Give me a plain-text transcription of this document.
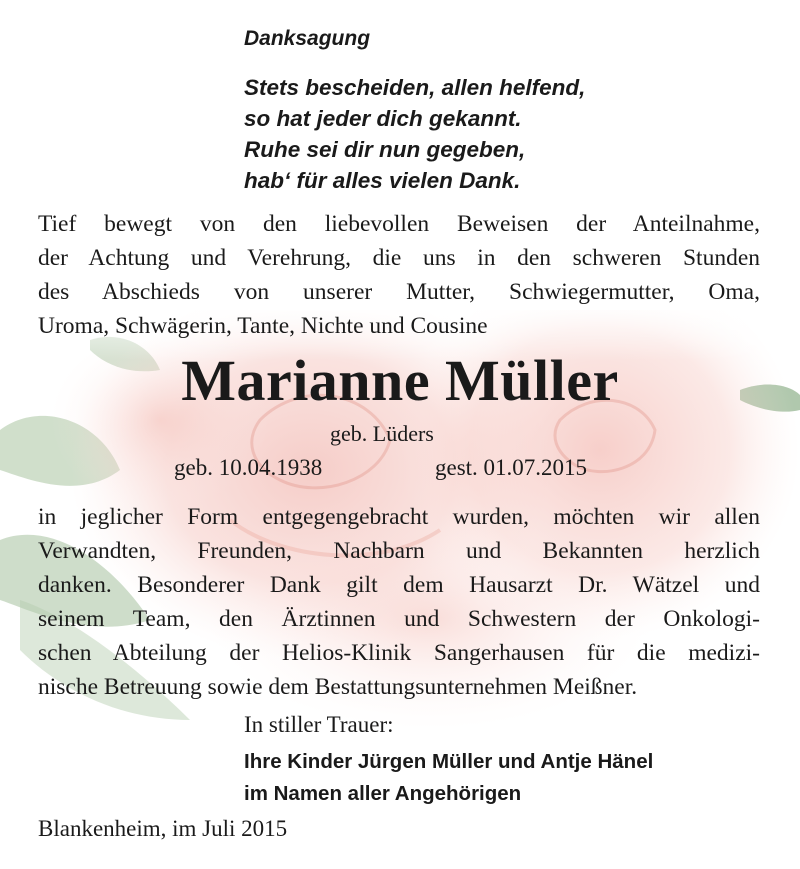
Danksagung
Stets bescheiden, allen helfend,
so hat jeder dich gekannt.
Ruhe sei dir nun gegeben,
hab‘ für alles vielen Dank.
Tief bewegt von den liebevollen Beweisen der Anteilnahme,
der Achtung und Verehrung, die uns in den schweren Stunden
des Abschieds von unserer Mutter, Schwiegermutter, Oma,
Uroma, Schwägerin, Tante, Nichte und Cousine
Marianne Müller

geb. Lüders

geb. 10.04.1938	gest. 01.07.2015

in jeglicher Form entgegengebracht wurden, möchten wir allen
Verwandten, Freunden, Nachbarn und Bekannten herzlich
danken. Besonderer Dank gilt dem Hausarzt Dr. Wätzel und
seinem Team, den Ärztinnen und Schwestern der Onkologi-
schen Abteilung der Helios-Klinik Sangerhausen für die medizi-
nische Betreuung sowie dem Bestattungsunternehmen Meißner.

In stiller Trauer:

Ihre Kinder Jürgen Müller und Antje Hänel
im Namen aller Angehörigen

Blankenheim, im Juli 2015
